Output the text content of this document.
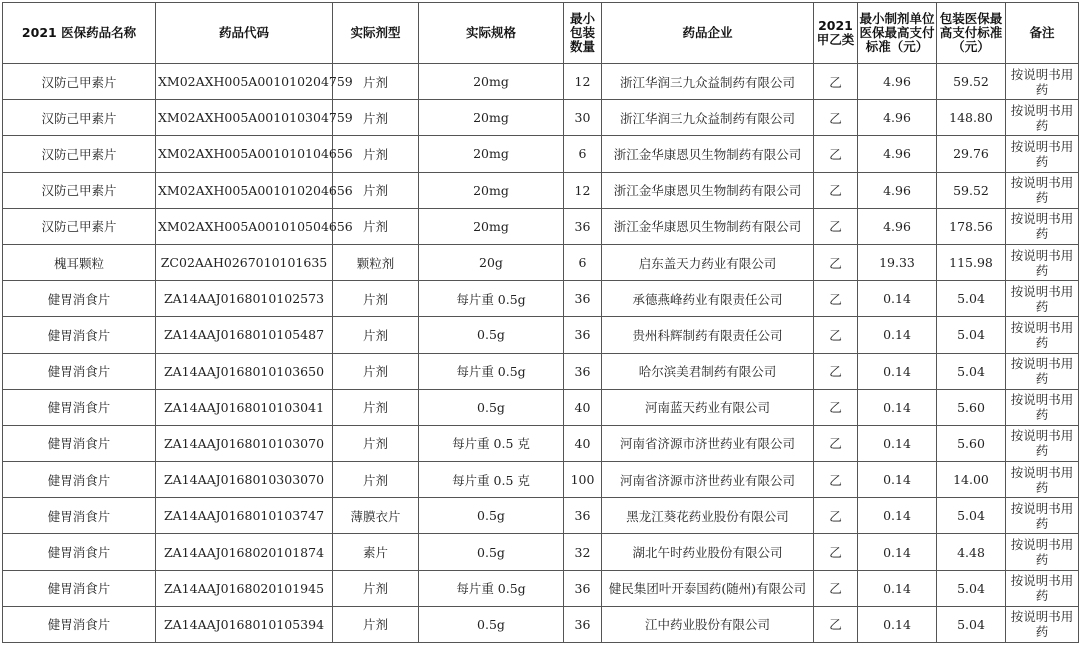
2021 医保药品名称	药品代码	实际剂型	实际规格	最小包装数量	药品企业	2021甲乙类	最小制剂单位医保最高支付标准（元）	包装医保最高支付标准（元）	备注
汉防己甲素片	XM02AXH005A001010204759	片剂	20mg	12	浙江华润三九众益制药有限公司	乙	4.96	59.52	按说明书用药
汉防己甲素片	XM02AXH005A001010304759	片剂	20mg	30	浙江华润三九众益制药有限公司	乙	4.96	148.80	按说明书用药
汉防己甲素片	XM02AXH005A001010104656	片剂	20mg	6	浙江金华康恩贝生物制药有限公司	乙	4.96	29.76	按说明书用药
汉防己甲素片	XM02AXH005A001010204656	片剂	20mg	12	浙江金华康恩贝生物制药有限公司	乙	4.96	59.52	按说明书用药
汉防己甲素片	XM02AXH005A001010504656	片剂	20mg	36	浙江金华康恩贝生物制药有限公司	乙	4.96	178.56	按说明书用药
槐耳颗粒	ZC02AAH0267010101635	颗粒剂	20g	6	启东盖天力药业有限公司	乙	19.33	115.98	按说明书用药
健胃消食片	ZA14AAJ0168010102573	片剂	每片重 0.5g	36	承德燕峰药业有限责任公司	乙	0.14	5.04	按说明书用药
健胃消食片	ZA14AAJ0168010105487	片剂	0.5g	36	贵州科辉制药有限责任公司	乙	0.14	5.04	按说明书用药
健胃消食片	ZA14AAJ0168010103650	片剂	每片重 0.5g	36	哈尔滨美君制药有限公司	乙	0.14	5.04	按说明书用药
健胃消食片	ZA14AAJ0168010103041	片剂	0.5g	40	河南蓝天药业有限公司	乙	0.14	5.60	按说明书用药
健胃消食片	ZA14AAJ0168010103070	片剂	每片重 0.5 克	40	河南省济源市济世药业有限公司	乙	0.14	5.60	按说明书用药
健胃消食片	ZA14AAJ0168010303070	片剂	每片重 0.5 克	100	河南省济源市济世药业有限公司	乙	0.14	14.00	按说明书用药
健胃消食片	ZA14AAJ0168010103747	薄膜衣片	0.5g	36	黑龙江葵花药业股份有限公司	乙	0.14	5.04	按说明书用药
健胃消食片	ZA14AAJ0168020101874	素片	0.5g	32	湖北午时药业股份有限公司	乙	0.14	4.48	按说明书用药
健胃消食片	ZA14AAJ0168020101945	片剂	每片重 0.5g	36	健民集团叶开泰国药(随州)有限公司	乙	0.14	5.04	按说明书用药
健胃消食片	ZA14AAJ0168010105394	片剂	0.5g	36	江中药业股份有限公司	乙	0.14	5.04	按说明书用药
